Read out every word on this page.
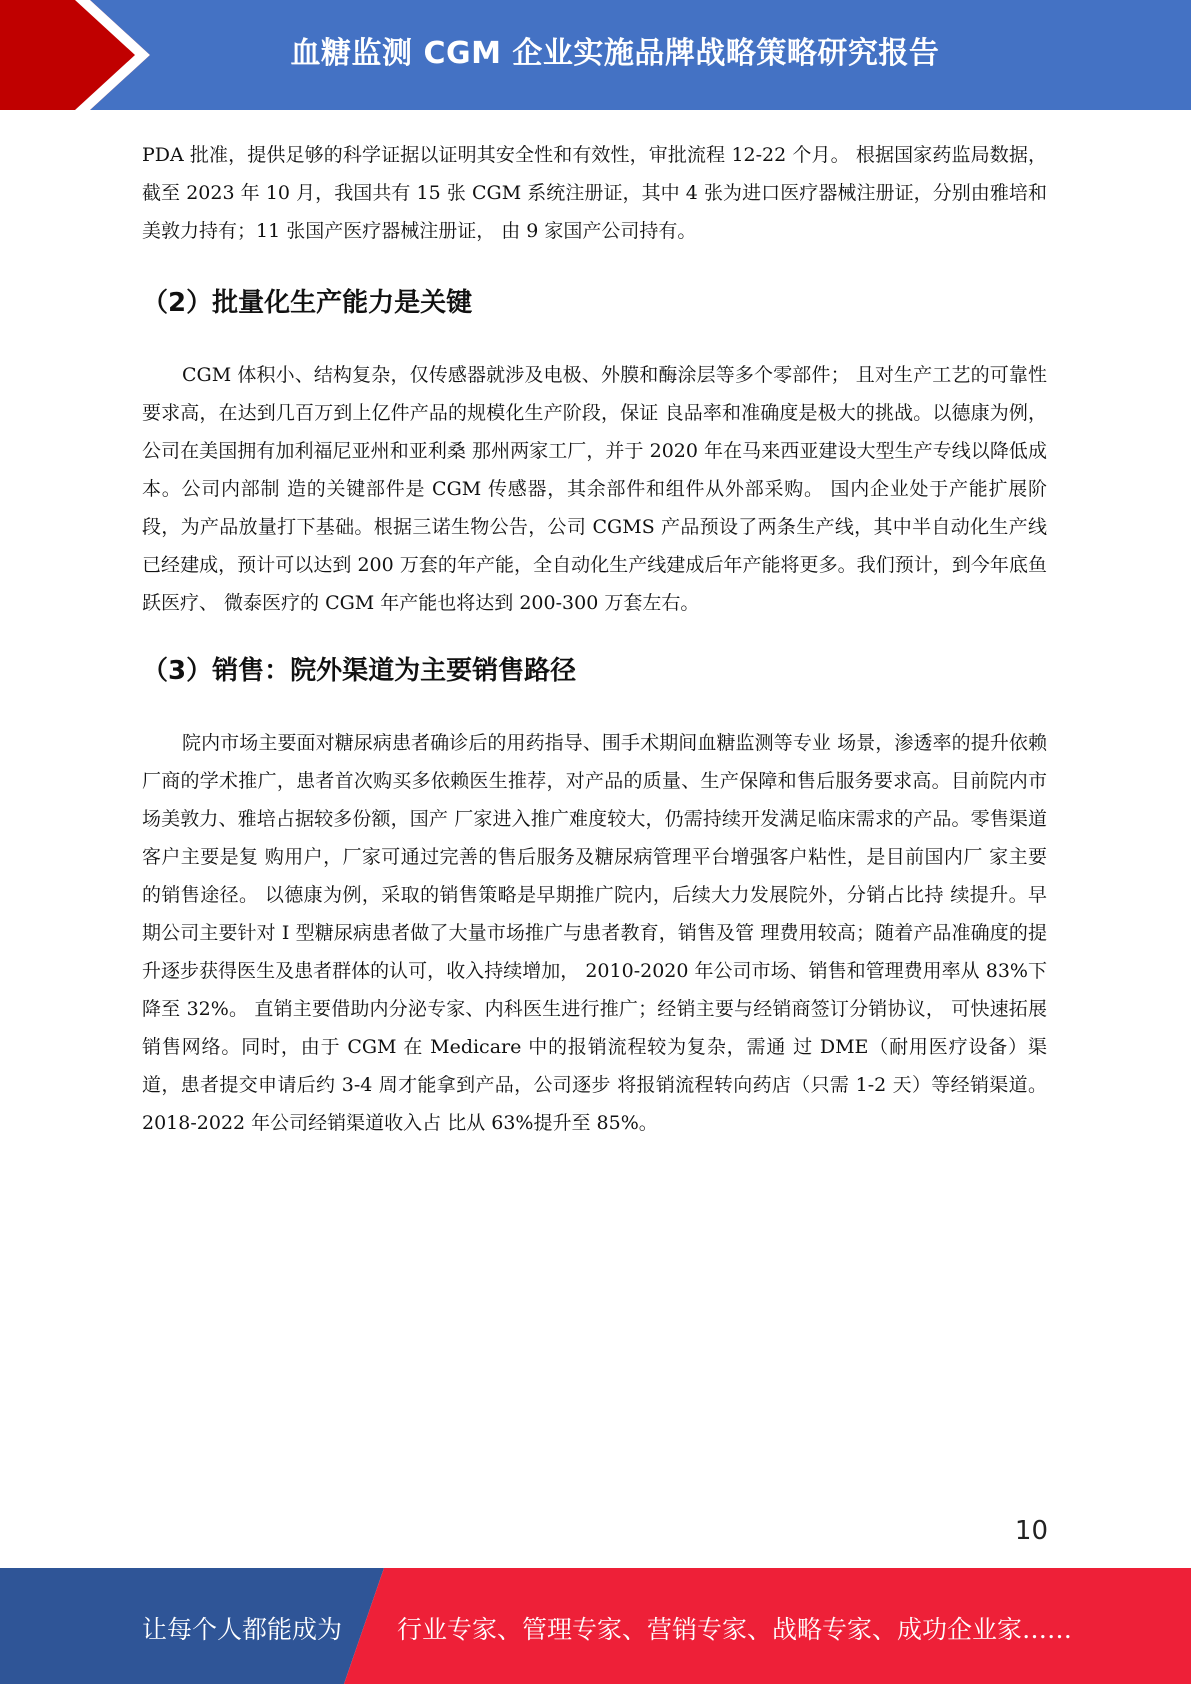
血糖监测 CGM 企业实施品牌战略策略研究报告

PDA 批准，提供足够的科学证据以证明其安全性和有效性，审批流程 12-22 个月。 根据国家药监局数据，截至 2023 年 10 月，我国共有 15 张 CGM 系统注册证，其中 4 张为进口医疗器械注册证，分别由雅培和美敦力持有；11 张国产医疗器械注册证， 由 9 家国产公司持有。

（2）批量化生产能力是关键

CGM 体积小、结构复杂，仅传感器就涉及电极、外膜和酶涂层等多个零部件； 且对生产工艺的可靠性要求高，在达到几百万到上亿件产品的规模化生产阶段，保证 良品率和准确度是极大的挑战。以德康为例，公司在美国拥有加利福尼亚州和亚利桑 那州两家工厂，并于 2020 年在马来西亚建设大型生产专线以降低成本。公司内部制 造的关键部件是 CGM 传感器，其余部件和组件从外部采购。 国内企业处于产能扩展阶段，为产品放量打下基础。根据三诺生物公告，公司 CGMS 产品预设了两条生产线，其中半自动化生产线已经建成，预计可以达到 200 万套的年产能，全自动化生产线建成后年产能将更多。我们预计，到今年底鱼跃医疗、 微泰医疗的 CGM 年产能也将达到 200-300 万套左右。

（3）销售：院外渠道为主要销售路径

院内市场主要面对糖尿病患者确诊后的用药指导、围手术期间血糖监测等专业 场景，渗透率的提升依赖厂商的学术推广，患者首次购买多依赖医生推荐，对产品的质量、生产保障和售后服务要求高。目前院内市场美敦力、雅培占据较多份额，国产 厂家进入推广难度较大，仍需持续开发满足临床需求的产品。零售渠道客户主要是复 购用户，厂家可通过完善的售后服务及糖尿病管理平台增强客户粘性，是目前国内厂 家主要的销售途径。 以德康为例，采取的销售策略是早期推广院内，后续大力发展院外，分销占比持 续提升。早期公司主要针对 I 型糖尿病患者做了大量市场推广与患者教育，销售及管 理费用较高；随着产品准确度的提升逐步获得医生及患者群体的认可，收入持续增加， 2010-2020 年公司市场、销售和管理费用率从 83%下降至 32%。 直销主要借助内分泌专家、内科医生进行推广；经销主要与经销商签订分销协议， 可快速拓展销售网络。同时，由于 CGM 在 Medicare 中的报销流程较为复杂，需通 过 DME（耐用医疗设备）渠道，患者提交申请后约 3-4 周才能拿到产品，公司逐步 将报销流程转向药店（只需 1-2 天）等经销渠道。 2018-2022 年公司经销渠道收入占 比从 63%提升至 85%。

10
让每个人都能成为 行业专家、管理专家、营销专家、战略专家、成功企业家……
